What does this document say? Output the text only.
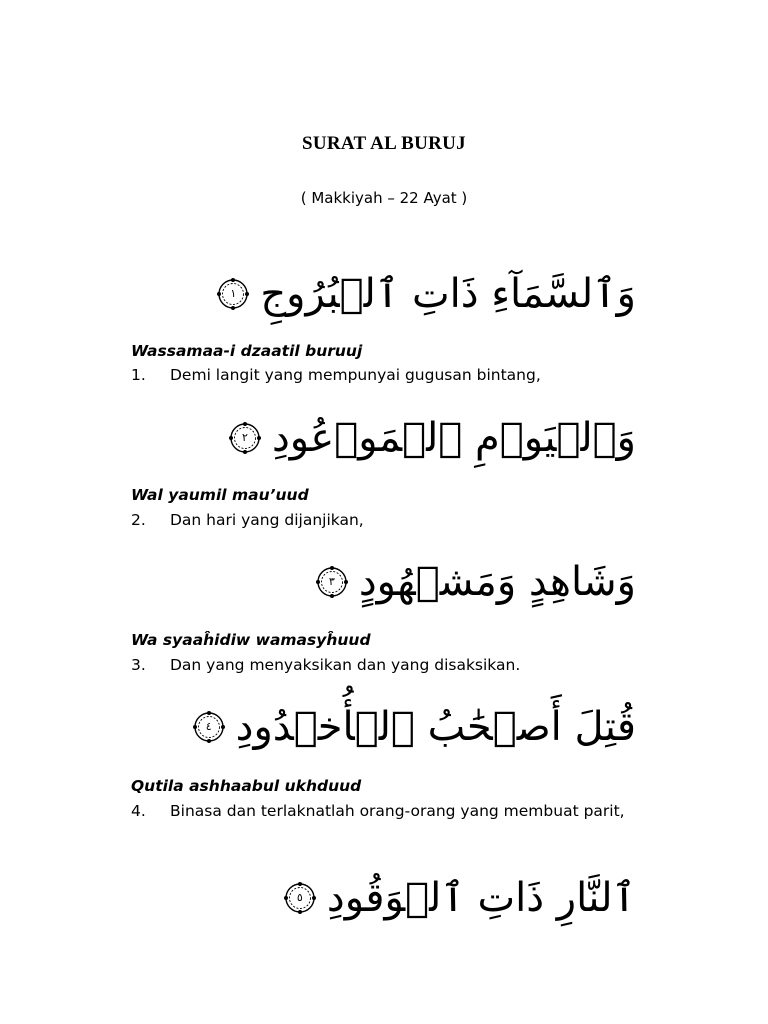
SURAT AL BURUJ
( Makkiyah – 22 Ayat )
وَٱلسَّمَآءِ ذَاتِ ٱلۡبُرُوجِ
١
Wassamaa-i dzaatil buruuj
1.	Demi langit yang mempunyai gugusan bintang,
وَٱلۡيَوۡمِ ٱلۡمَوۡعُودِ
٢
Wal yaumil mau’uud
2.	Dan hari yang dijanjikan,
وَشَاهِدٍ وَمَشۡهُودٍ
٣
Wa syaaĥidiw wamasyĥuud
3.	Dan yang menyaksikan dan yang disaksikan.
قُتِلَ أَصۡحَٰبُ ٱلۡأُخۡدُودِ
٤
Qutila ashhaabul ukhduud
4.	Binasa dan terlaknatlah orang-orang yang membuat parit,
ٱلنَّارِ ذَاتِ ٱلۡوَقُودِ
٥
